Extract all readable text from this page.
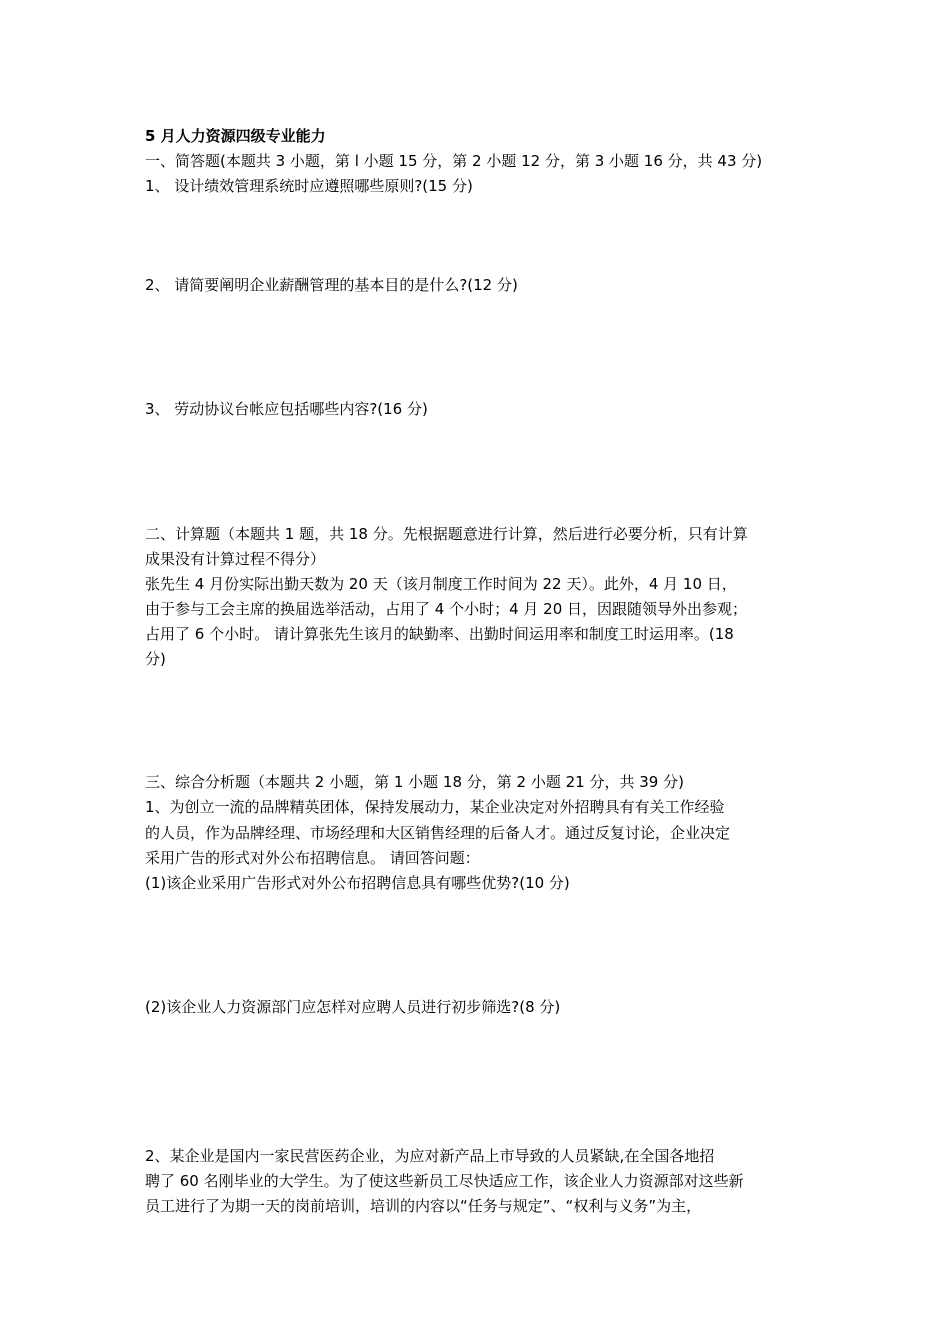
5 月人力资源四级专业能力
一、简答题(本题共 3 小题，第 l 小题 15 分，第 2 小题 12 分，第 3 小题 16 分，共 43 分)
1、 设计绩效管理系统时应遵照哪些原则?(15 分)
2、 请简要阐明企业薪酬管理的基本目的是什么?(12 分)
3、 劳动协议台帐应包括哪些内容?(16 分)
二、计算题（本题共 1 题，共 18 分。先根据题意进行计算，然后进行必要分析，只有计算
成果没有计算过程不得分）
张先生 4 月份实际出勤天数为 20 天（该月制度工作时间为 22 天）。此外，4 月 10 日，
由于参与工会主席的换届选举活动，占用了 4 个小时；4 月 20 日，因跟随领导外出参观；
占用了 6 个小时。 请计算张先生该月的缺勤率、出勤时间运用率和制度工时运用率。(18
分)
三、综合分析题（本题共 2 小题，第 1 小题 18 分，第 2 小题 21 分，共 39 分)
1、为创立一流的品牌精英团体，保持发展动力，某企业决定对外招聘具有有关工作经验
的人员，作为品牌经理、市场经理和大区销售经理的后备人才。通过反复讨论，企业决定
采用广告的形式对外公布招聘信息。 请回答问题：
(1)该企业采用广告形式对外公布招聘信息具有哪些优势?(10 分)
(2)该企业人力资源部门应怎样对应聘人员进行初步筛选?(8 分)
2、某企业是国内一家民营医药企业，为应对新产品上市导致的人员紧缺,在全国各地招
聘了 60 名刚毕业的大学生。为了使这些新员工尽快适应工作，该企业人力资源部对这些新
员工进行了为期一天的岗前培训，培训的内容以“任务与规定”、“权利与义务”为主，
